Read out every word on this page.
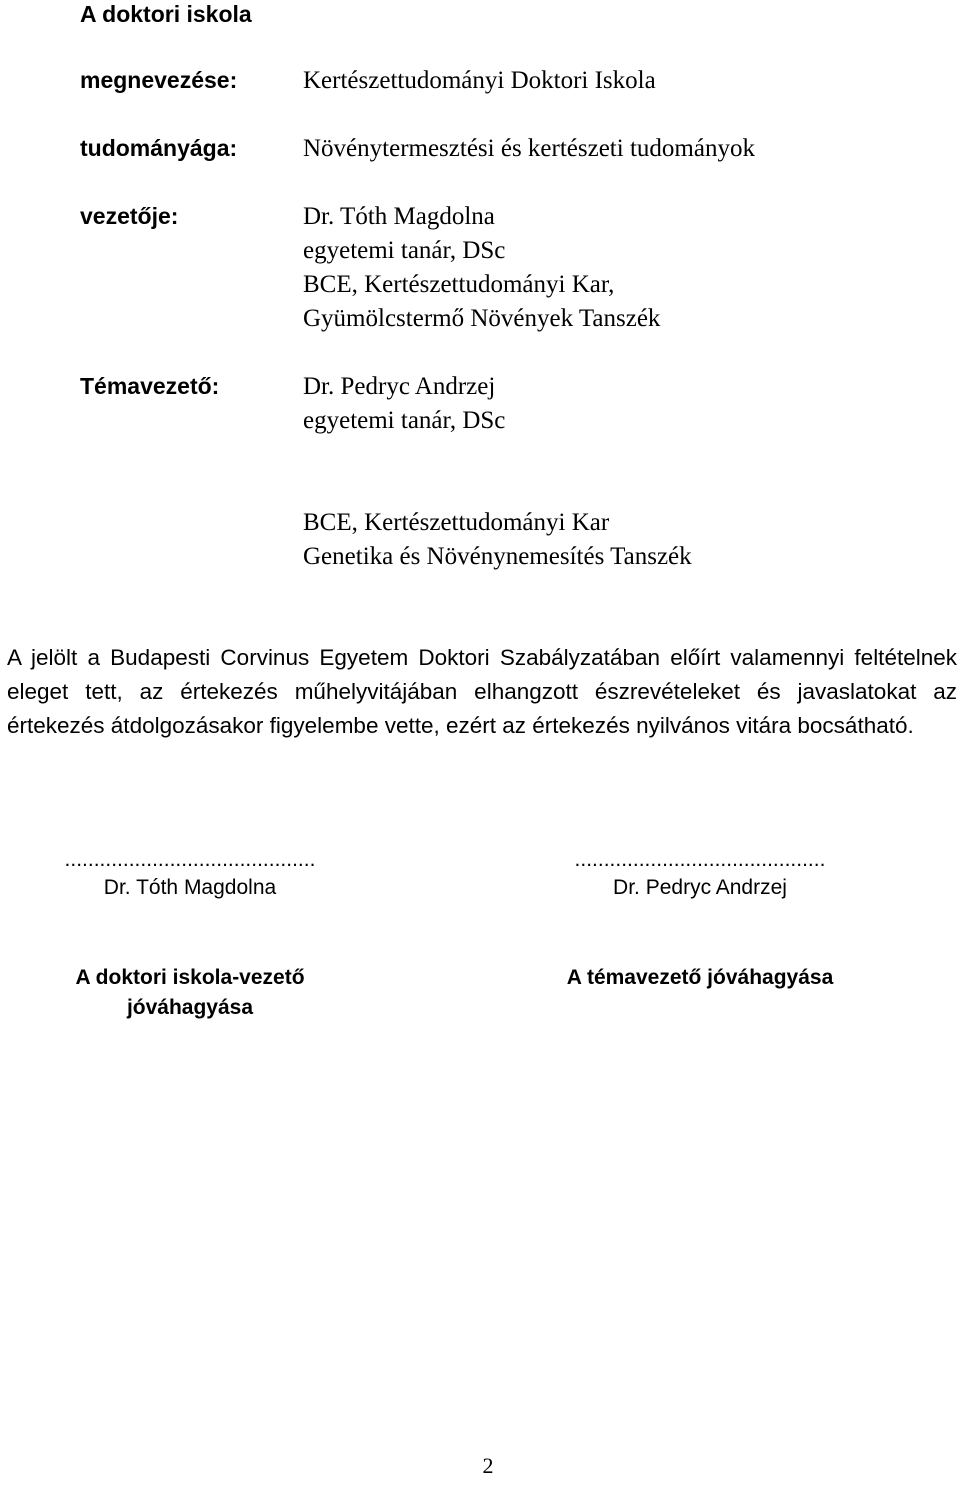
A doktori iskola
megnevezése:
tudományága:
vezetője:
Témavezető:
Kertészettudományi Doktori Iskola
Növénytermesztési és kertészeti tudományok
Dr. Tóth Magdolna
egyetemi tanár, DSc
BCE, Kertészettudományi Kar,
Gyümölcstermő Növények Tanszék
Dr. Pedryc Andrzej
egyetemi tanár, DSc
BCE, Kertészettudományi Kar
Genetika és Növénynemesítés Tanszék
A jelölt a Budapesti Corvinus Egyetem Doktori Szabályzatában előírt valamennyi feltételnek eleget tett, az értekezés műhelyvitájában elhangzott észrevételeket és javaslatokat az értekezés átdolgozásakor figyelembe vette, ezért az értekezés nyilvános vitára bocsátható.
...........................................
Dr. Tóth Magdolna
...........................................
Dr. Pedryc Andrzej
A doktori iskola-vezető jóváhagyása
A témavezető jóváhagyása
2
